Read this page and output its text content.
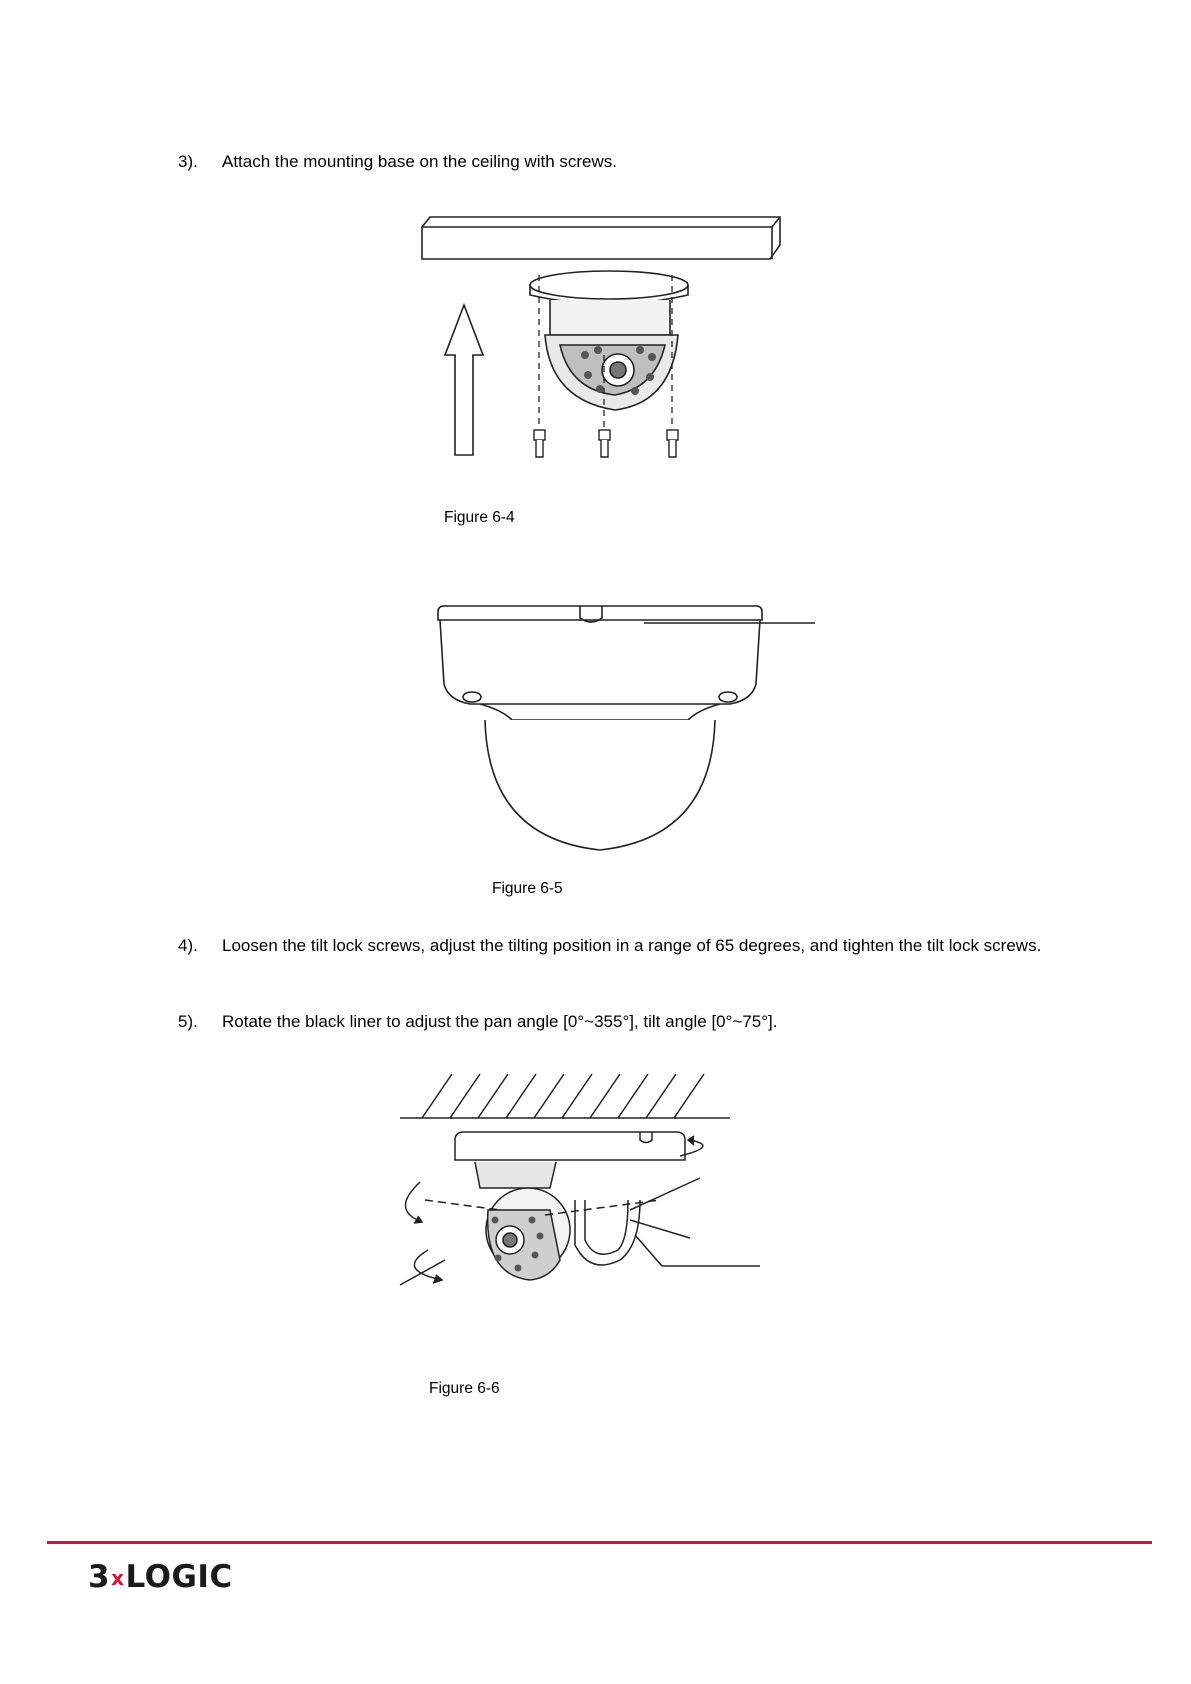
3). Attach the mounting base on the ceiling with screws.
Figure 6-4
Figure 6-5
4). Loosen the tilt lock screws, adjust the tilting position in a range of 65 degrees, and tighten the tilt lock screws.
5). Rotate the black liner to adjust the pan angle [0°~355°], tilt angle [0°~75°].
Figure 6-6
3xLOGIC
